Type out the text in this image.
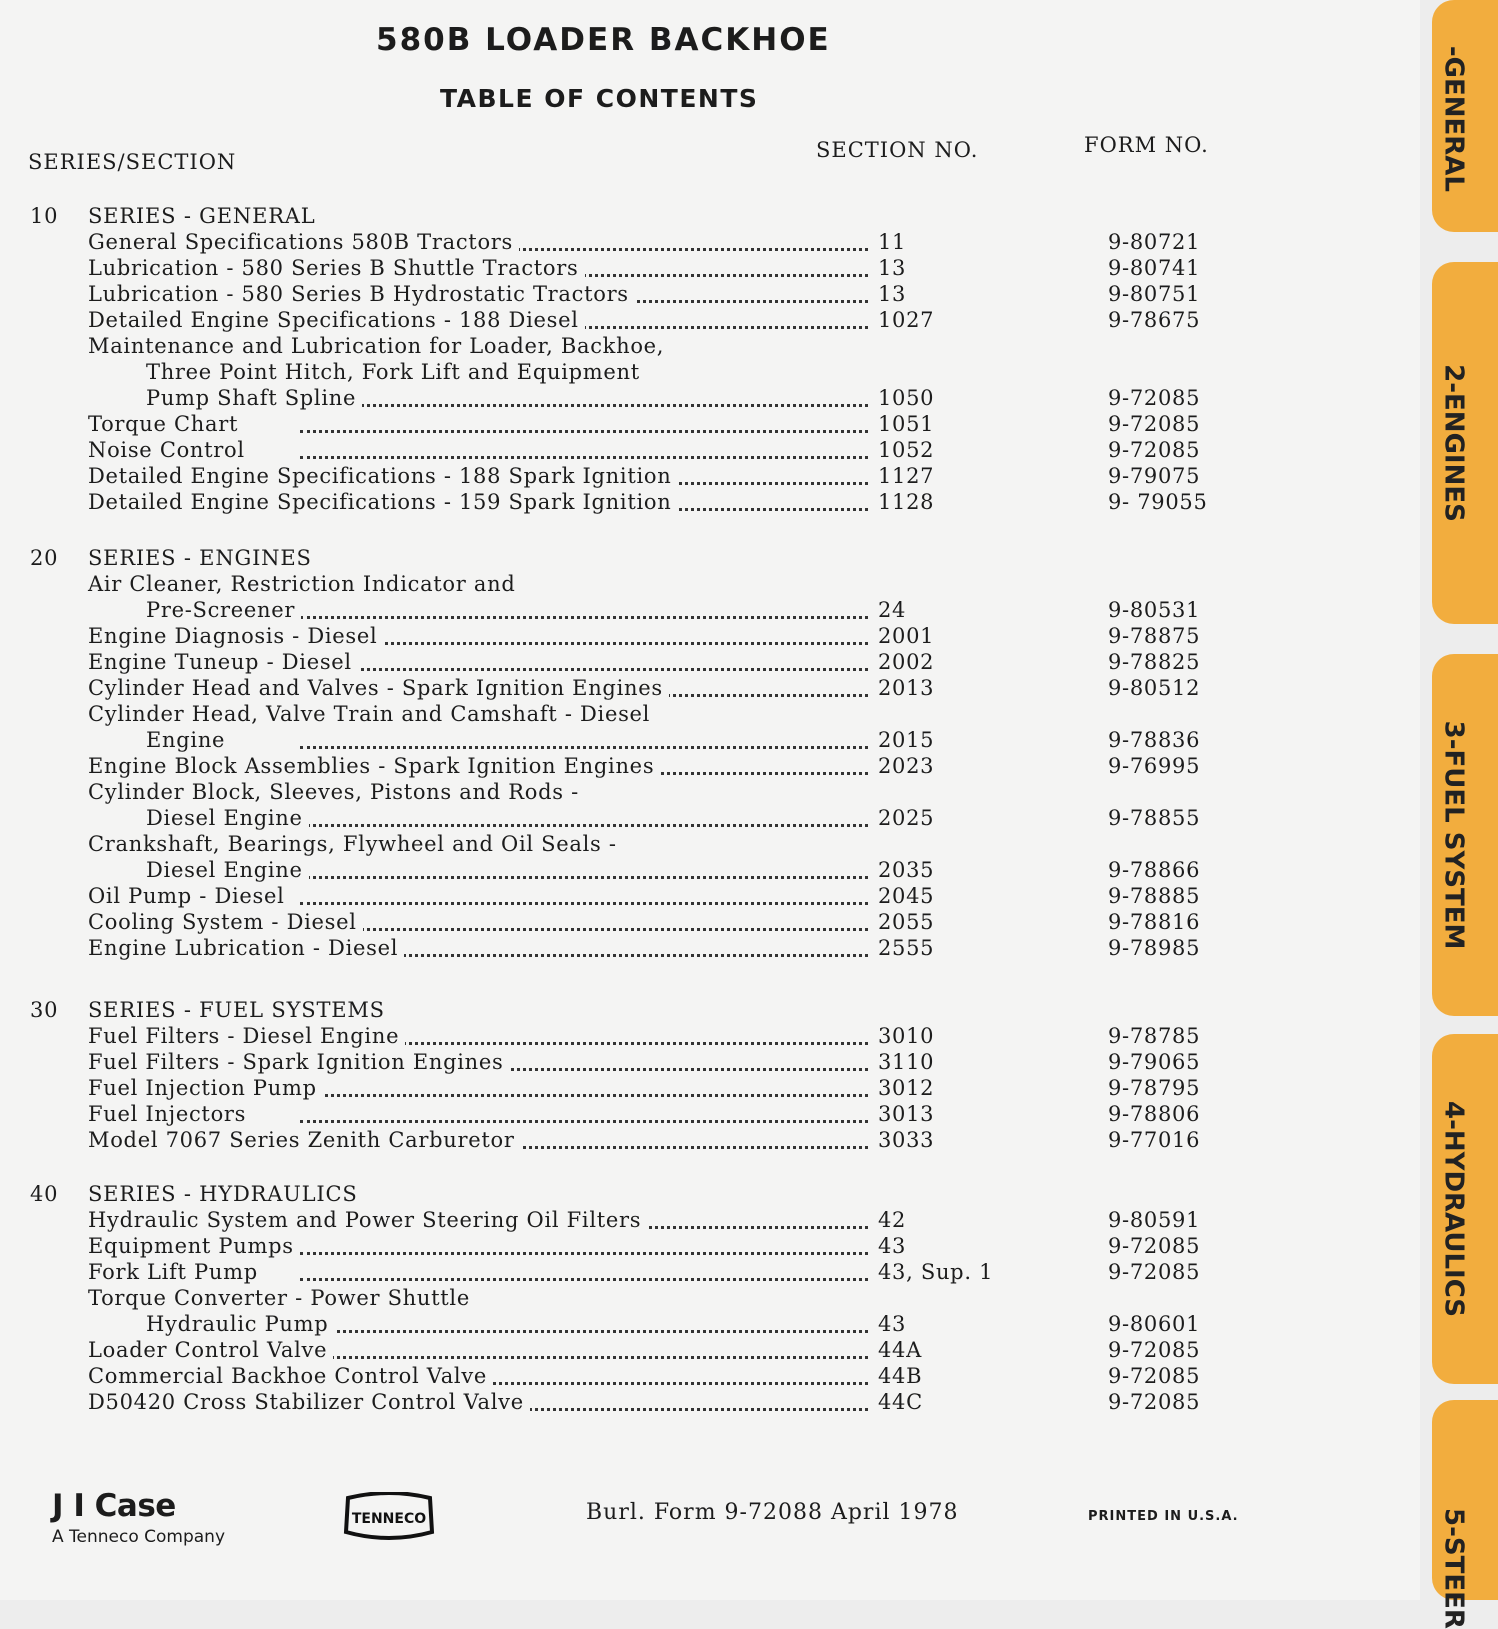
580B LOADER BACKHOE
TABLE OF CONTENTS
SERIES/SECTION	SECTION NO.	FORM NO.
10 SERIES - GENERAL
General Specifications 580B Tractors	11	9-80721
Lubrication - 580 Series B Shuttle Tractors	13	9-80741
Lubrication - 580 Series B Hydrostatic Tractors	13	9-80751
Detailed Engine Specifications - 188 Diesel	1027	9-78675
Maintenance and Lubrication for Loader, Backhoe,
Three Point Hitch, Fork Lift and Equipment
Pump Shaft Spline	1050	9-72085
Torque Chart	1051	9-72085
Noise Control	1052	9-72085
Detailed Engine Specifications - 188 Spark Ignition	1127	9-79075
Detailed Engine Specifications - 159 Spark Ignition	1128	9- 79055
20 SERIES - ENGINES
Air Cleaner, Restriction Indicator and
Pre-Screener	24	9-80531
Engine Diagnosis - Diesel	2001	9-78875
Engine Tuneup - Diesel	2002	9-78825
Cylinder Head and Valves - Spark Ignition Engines	2013	9-80512
Cylinder Head, Valve Train and Camshaft - Diesel
Engine	2015	9-78836
Engine Block Assemblies - Spark Ignition Engines	2023	9-76995
Cylinder Block, Sleeves, Pistons and Rods -
Diesel Engine	2025	9-78855
Crankshaft, Bearings, Flywheel and Oil Seals -
Diesel Engine	2035	9-78866
Oil Pump - Diesel	2045	9-78885
Cooling System - Diesel	2055	9-78816
Engine Lubrication - Diesel	2555	9-78985
30 SERIES - FUEL SYSTEMS
Fuel Filters - Diesel Engine	3010	9-78785
Fuel Filters - Spark Ignition Engines	3110	9-79065
Fuel Injection Pump	3012	9-78795
Fuel Injectors	3013	9-78806
Model 7067 Series Zenith Carburetor	3033	9-77016
40 SERIES - HYDRAULICS
Hydraulic System and Power Steering Oil Filters	42	9-80591
Equipment Pumps	43	9-72085
Fork Lift Pump	43, Sup. 1	9-72085
Torque Converter - Power Shuttle
Hydraulic Pump	43	9-80601
Loader Control Valve	44A	9-72085
Commercial Backhoe Control Valve	44B	9-72085
D50420 Cross Stabilizer Control Valve	44C	9-72085
J I Case
A Tenneco Company
TENNECO	Burl. Form 9-72088 April 1978	PRINTED IN U.S.A.
-GENERAL
2-ENGINES
3-FUEL SYSTEM
4-HYDRAULICS
5-STEER
